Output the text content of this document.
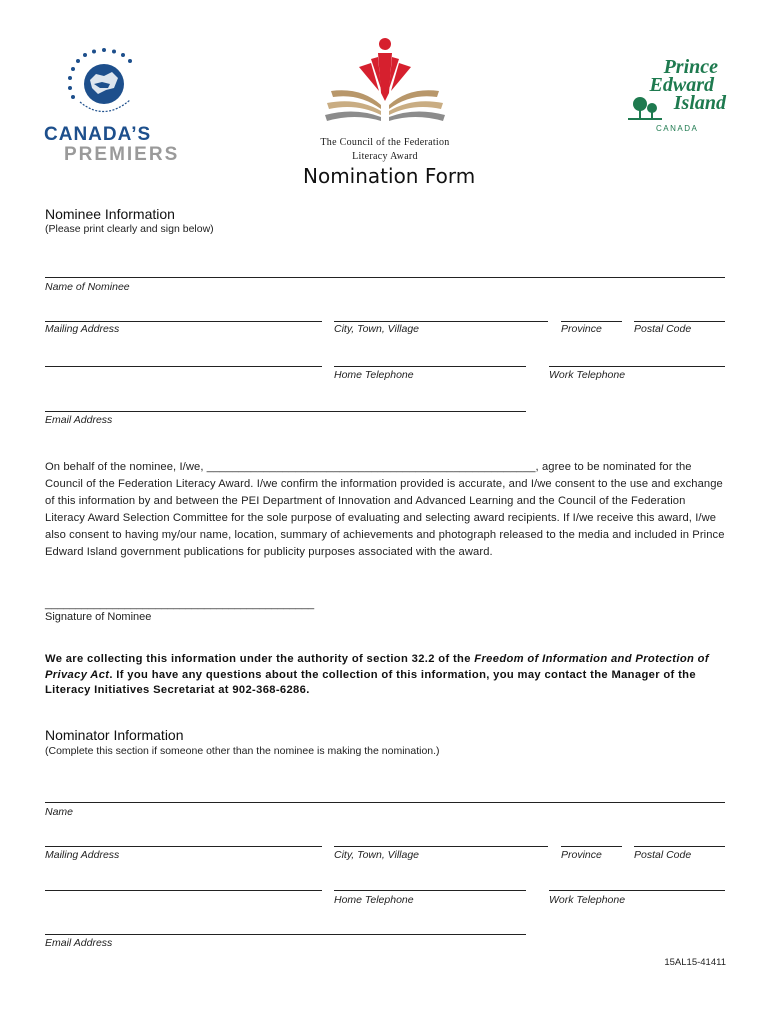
CANADA’S
PREMIERS
The Council of the Federation
Literacy Award
Prince
Edward
Island
CANADA
Nomination Form
Nominee Information
(Please print clearly and sign below)
Name of Nominee
Mailing Address	City, Town, Village	Province	Postal Code
Home Telephone	Work Telephone
Email Address
On behalf of the nominee, I/we, ____________________________________________________, agree to be nominated for the Council of the Federation Literacy Award. I/we confirm the information provided is accurate, and I/we consent to the use and exchange of this information by and between the PEI Department of Innovation and Advanced Learning and the Council of the Federation Literacy Award Selection Committee for the sole purpose of evaluating and selecting award recipients. If I/we receive this award, I/we also consent to having my/our name, location, summary of achievements and photograph released to the media and included in Prince Edward Island government publications for publicity purposes associated with the award.
____________________________________________
Signature of Nominee
We are collecting this information under the authority of section 32.2 of the Freedom of Information and Protection of Privacy Act. If you have any questions about the collection of this information, you may contact the Manager of the Literacy Initiatives Secretariat at 902-368-6286.
Nominator Information
(Complete this section if someone other than the nominee is making the nomination.)
Name
Mailing Address	City, Town, Village	Province	Postal Code
Home Telephone	Work Telephone
Email Address
15AL15-41411
